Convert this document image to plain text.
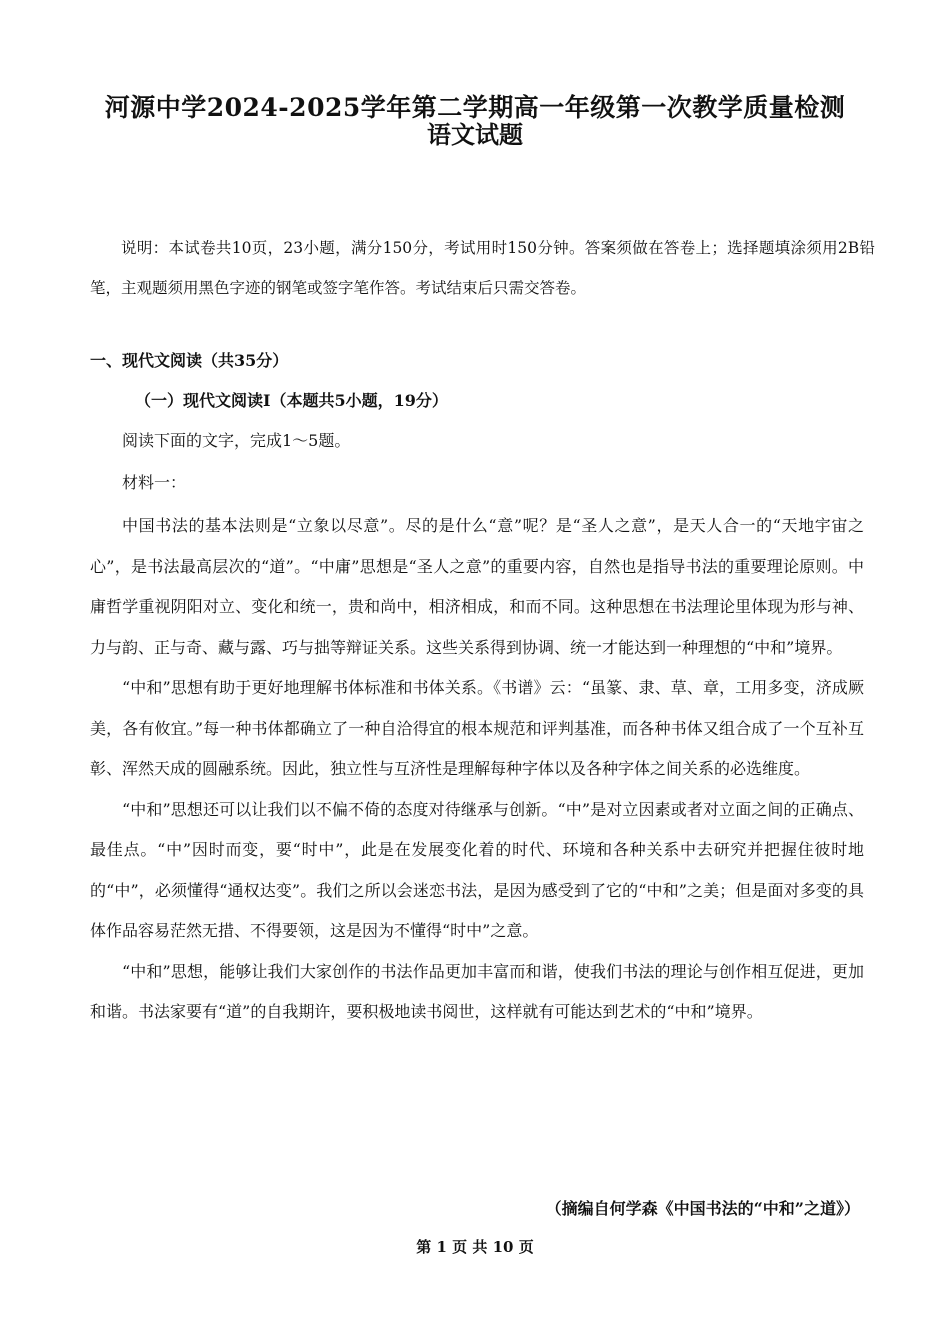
河源中学2024-2025学年第二学期高一年级第一次教学质量检测
语文试题
说明：本试卷共10页，23小题，满分150分，考试用时150分钟。答案须做在答卷上；选择题填涂须用2B铅笔，主观题须用黑色字迹的钢笔或签字笔作答。考试结束后只需交答卷。
一、现代文阅读（共35分）
（一）现代文阅读Ⅰ（本题共5小题，19分）
阅读下面的文字，完成1～5题。
材料一：

中国书法的基本法则是“立象以尽意”。尽的是什么“意”呢？是“圣人之意”，是天人合一的“天地宇宙之心”，是书法最高层次的“道”。“中庸”思想是“圣人之意”的重要内容，自然也是指导书法的重要理论原则。中庸哲学重视阴阳对立、变化和统一，贵和尚中，相济相成，和而不同。这种思想在书法理论里体现为形与神、力与韵、正与奇、藏与露、巧与拙等辩证关系。这些关系得到协调、统一才能达到一种理想的“中和”境界。

“中和”思想有助于更好地理解书体标准和书体关系。《书谱》云：“虽篆、隶、草、章，工用多变，济成厥美，各有攸宜。”每一种书体都确立了一种自洽得宜的根本规范和评判基准，而各种书体又组合成了一个互补互彰、浑然天成的圆融系统。因此，独立性与互济性是理解每种字体以及各种字体之间关系的必选维度。

“中和”思想还可以让我们以不偏不倚的态度对待继承与创新。“中”是对立因素或者对立面之间的正确点、最佳点。“中”因时而变，要“时中”，此是在发展变化着的时代、环境和各种关系中去研究并把握住彼时地的“中”，必须懂得“通权达变”。我们之所以会迷恋书法，是因为感受到了它的“中和”之美；但是面对多变的具体作品容易茫然无措、不得要领，这是因为不懂得“时中”之意。

“中和”思想，能够让我们大家创作的书法作品更加丰富而和谐，使我们书法的理论与创作相互促进，更加和谐。书法家要有“道”的自我期许，要积极地读书阅世，这样就有可能达到艺术的“中和”境界。

（摘编自何学森《中国书法的“中和”之道》）
第 1 页 共 10 页
